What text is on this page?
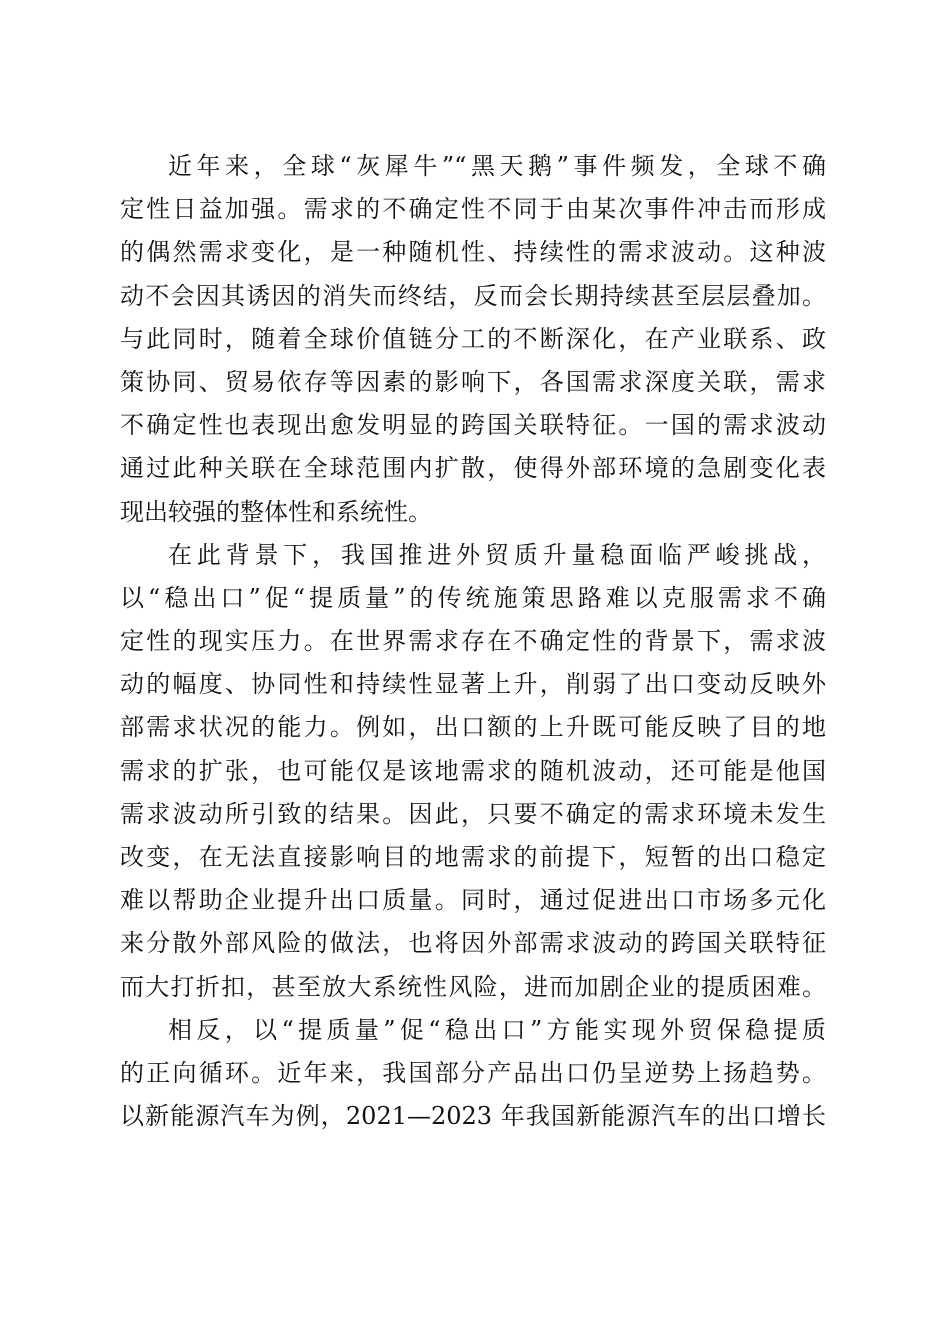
近年来，全球“灰犀牛”“黑天鹅”事件频发，全球不确
定性日益加强。需求的不确定性不同于由某次事件冲击而形成
的偶然需求变化，是一种随机性、持续性的需求波动。这种波
动不会因其诱因的消失而终结，反而会长期持续甚至层层叠加。
与此同时，随着全球价值链分工的不断深化，在产业联系、政
策协同、贸易依存等因素的影响下，各国需求深度关联，需求
不确定性也表现出愈发明显的跨国关联特征。一国的需求波动
通过此种关联在全球范围内扩散，使得外部环境的急剧变化表
现出较强的整体性和系统性。
在此背景下，我国推进外贸质升量稳面临严峻挑战，
以“稳出口”促“提质量”的传统施策思路难以克服需求不确
定性的现实压力。在世界需求存在不确定性的背景下，需求波
动的幅度、协同性和持续性显著上升，削弱了出口变动反映外
部需求状况的能力。例如，出口额的上升既可能反映了目的地
需求的扩张，也可能仅是该地需求的随机波动，还可能是他国
需求波动所引致的结果。因此，只要不确定的需求环境未发生
改变，在无法直接影响目的地需求的前提下，短暂的出口稳定
难以帮助企业提升出口质量。同时，通过促进出口市场多元化
来分散外部风险的做法，也将因外部需求波动的跨国关联特征
而大打折扣，甚至放大系统性风险，进而加剧企业的提质困难。
相反，以“提质量”促“稳出口”方能实现外贸保稳提质
的正向循环。近年来，我国部分产品出口仍呈逆势上扬趋势。
以新能源汽车为例，2021—2023 年我国新能源汽车的出口增长
